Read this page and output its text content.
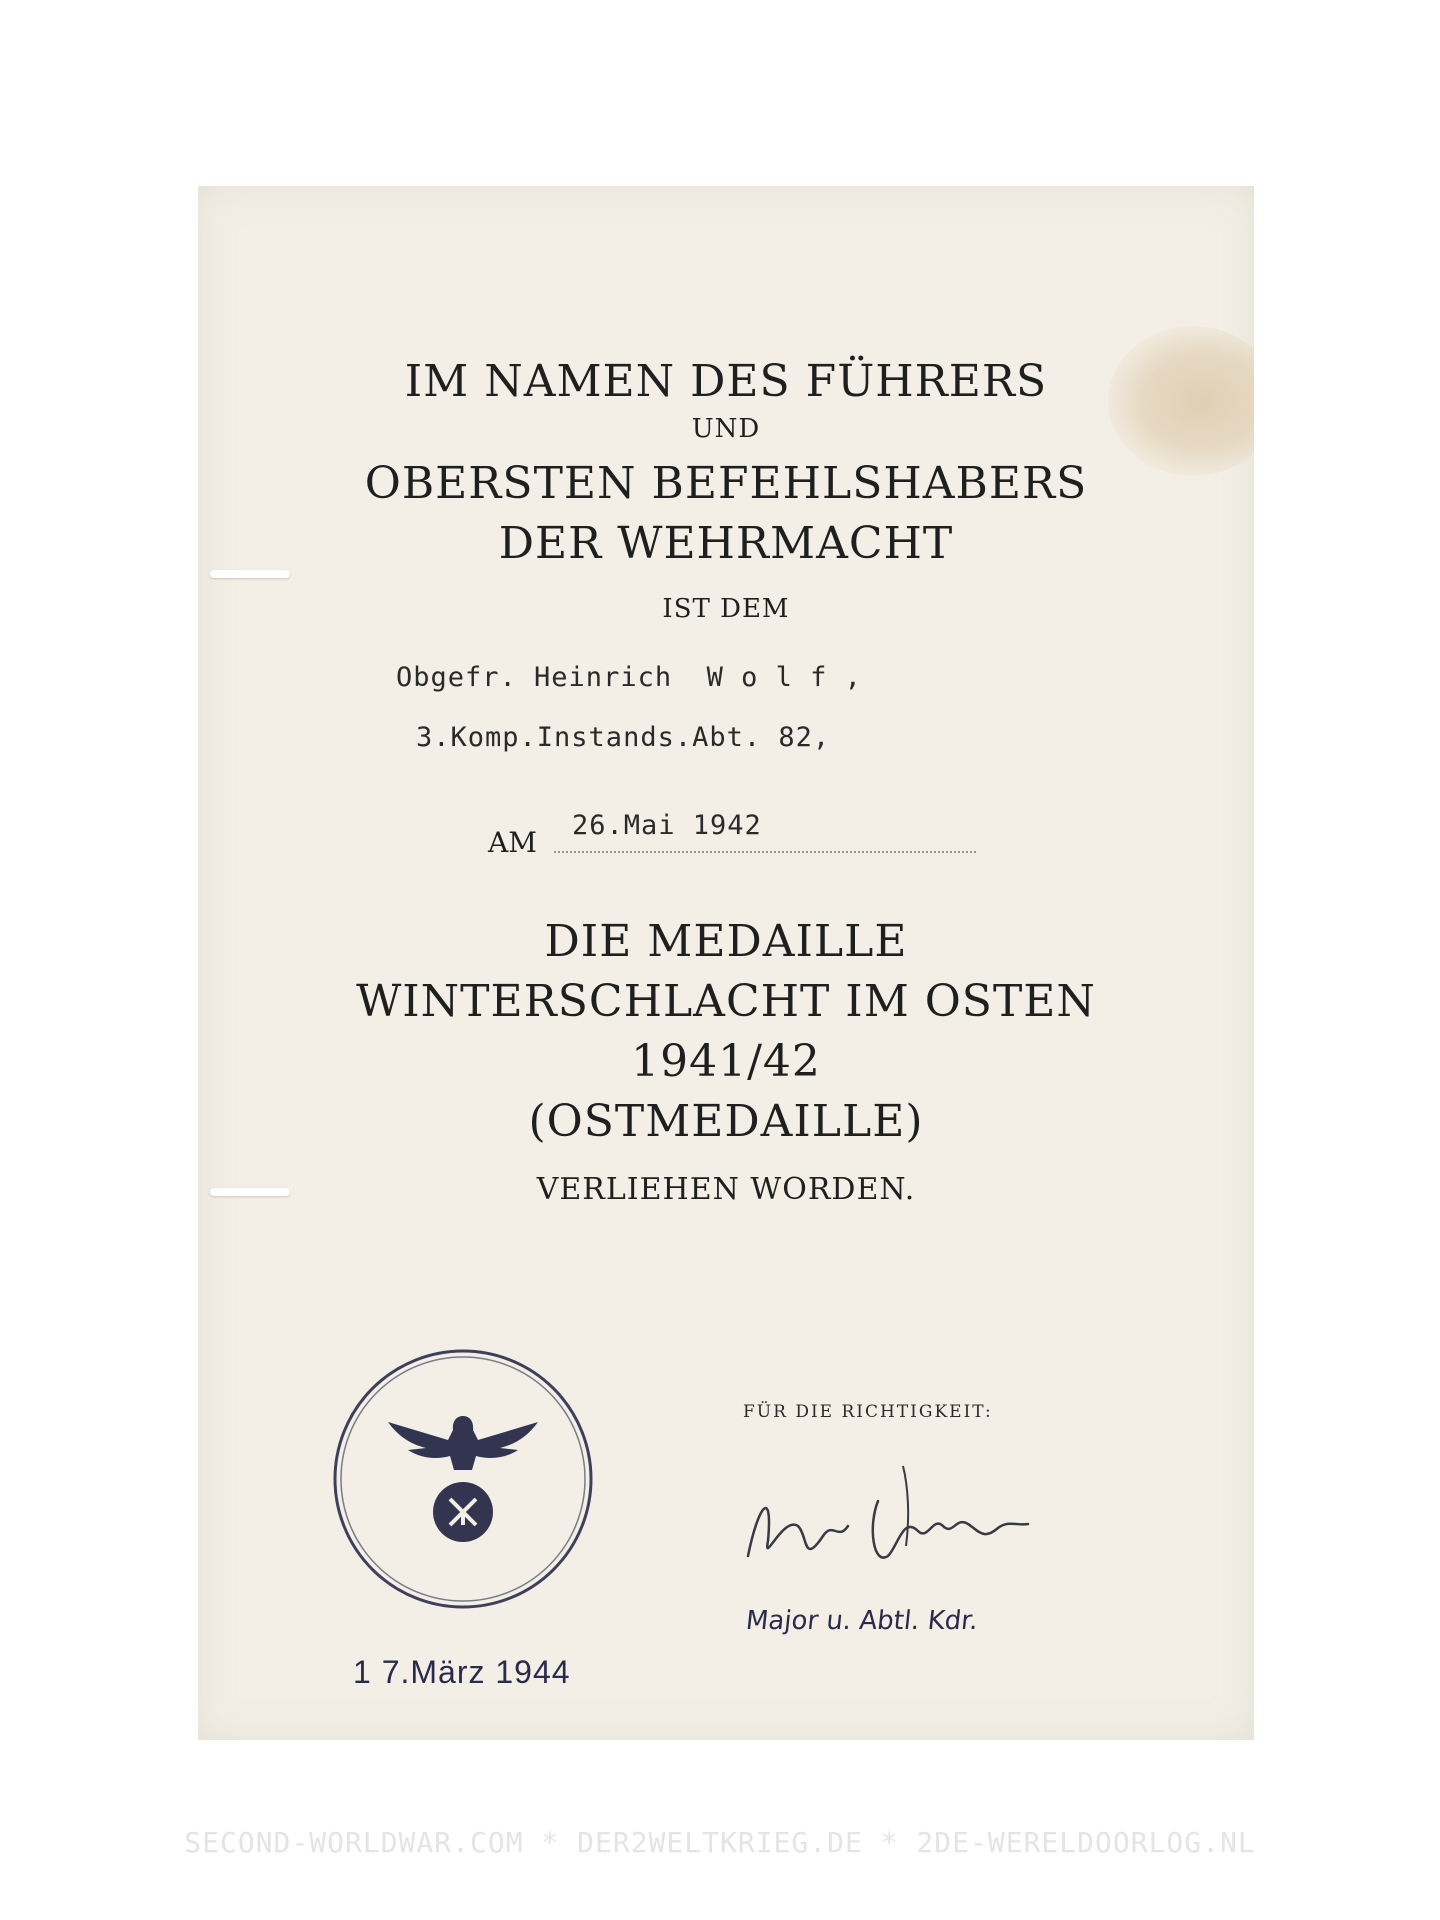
IM NAMEN DES FÜHRERS
UND
OBERSTEN BEFEHLSHABERS
DER WEHRMACHT
IST DEM
Obgefr. Heinrich  W o l f ,
3.Komp.Instands.Abt. 82,
AM
26.Mai 1942
DIE MEDAILLE
WINTERSCHLACHT IM OSTEN
1941/42
(OSTMEDAILLE)
VERLIEHEN WORDEN.
1 7.März 1944
FÜR DIE RICHTIGKEIT:
Major u. Abtl. Kdr.
SECOND-WORLDWAR.COM * DER2WELTKRIEG.DE * 2DE-WERELDOORLOG.NL
